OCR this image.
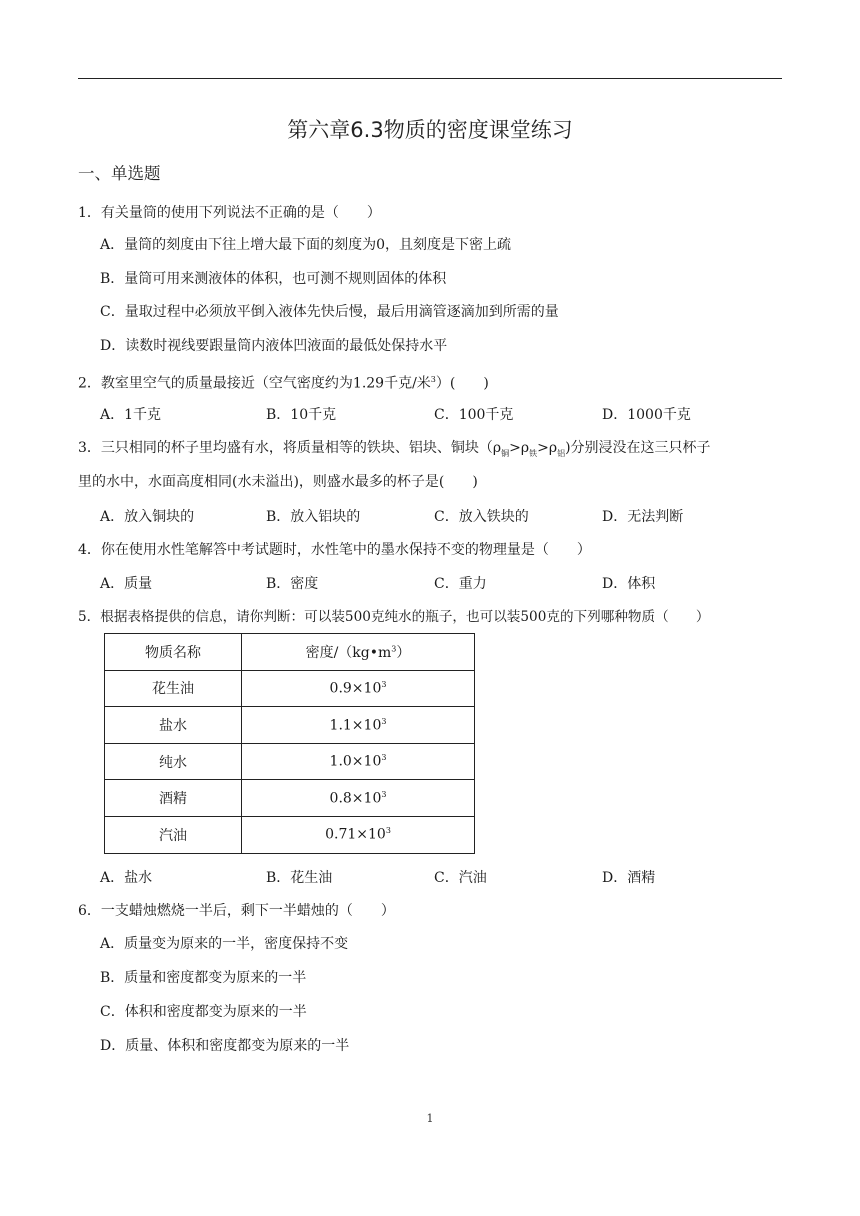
第六章6.3物质的密度课堂练习
一、单选题
1．有关量筒的使用下列说法不正确的是（　　）
A．量筒的刻度由下往上增大最下面的刻度为0，且刻度是下密上疏
B．量筒可用来测液体的体积，也可测不规则固体的体积
C．量取过程中必须放平倒入液体先快后慢，最后用滴管逐滴加到所需的量
D．读数时视线要跟量筒内液体凹液面的最低处保持水平
2．教室里空气的质量最接近（空气密度约为1.29千克/米$^3$）(　　)
A．1千克	B．10千克	C．100千克	D．1000千克
3．三只相同的杯子里均盛有水，将质量相等的铁块、铝块、铜块$(\rho_铜>\rho_铁>\rho_铝)$分别浸没在这三只杯子
里的水中，水面高度相同(水未溢出)，则盛水最多的杯子是(　　)
A．放入铜块的	B．放入铝块的	C．放入铁块的	D．无法判断
4．你在使用水性笔解答中考试题时，水性笔中的墨水保持不变的物理量是（　　）
A．质量	B．密度	C．重力	D．体积
5．根据表格提供的信息，请你判断：可以装500克纯水的瓶子，也可以装500克的下列哪种物质（　　）
物质名称	密度$/(kg•m^3)$
花生油	$0.9\times 10^3$
盐水	$1.1\times 10^3$
纯水	$1.0\times 10^3$
酒精	$0.8\times 10^3$
汽油	$0.71\times 10^3$
A．盐水	B．花生油	C．汽油	D．酒精
6．一支蜡烛燃烧一半后，剩下一半蜡烛的（　　）
A．质量变为原来的一半，密度保持不变
B．质量和密度都变为原来的一半
C．体积和密度都变为原来的一半
D．质量、体积和密度都变为原来的一半
1
